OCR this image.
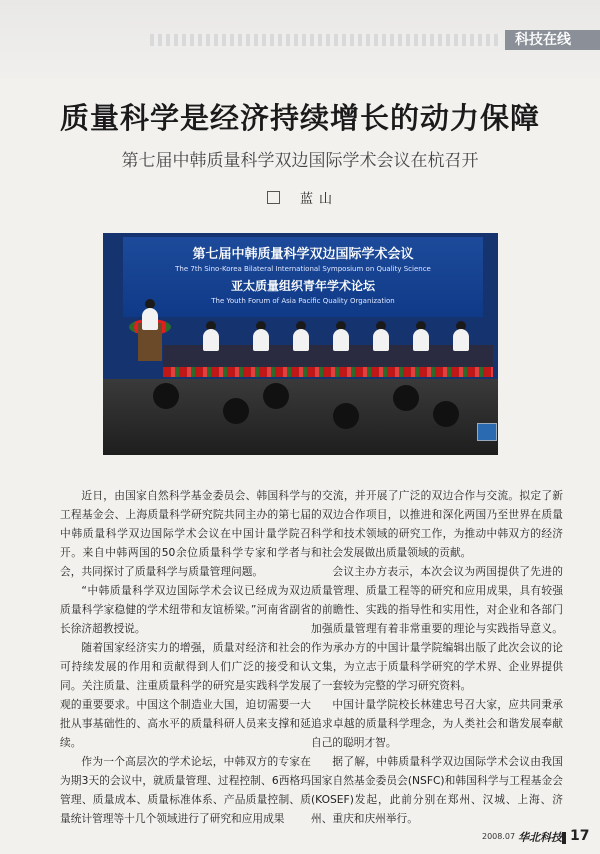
科技在线
质量科学是经济持续增长的动力保障
第七届中韩质量科学双边国际学术会议在杭召开
蓝山
第七届中韩质量科学双边国际学术会议
The 7th Sino-Korea Bilateral International Symposium on Quality Science
亚太质量组织青年学术论坛
The Youth Forum of Asia Pacific Quality Organization

近日，由国家自然科学基金委员会、韩国科学与工程基金会、上海质量科学研究院共同主办的第七届中韩质量科学双边国际学术会议在中国计量学院召开。来自中韩两国的50余位质量科学专家和学者与会，共同探讨了质量科学与质量管理问题。

“中韩质量科学双边国际学术会议已经成为双边质量科学家稳健的学术纽带和友谊桥梁。”河南省副省长徐济超教授说。

随着国家经济实力的增强，质量对经济和社会的可持续发展的作用和贡献得到人们广泛的接受和认同。关注质量、注重质量科学的研究是实践科学发展观的重要要求。中国这个制造业大国，迫切需要一大批从事基础性的、高水平的质量科研人员来支撑和延续。

作为一个高层次的学术论坛，中韩双方的专家在为期3天的会议中，就质量管理、过程控制、6西格玛管理、质量成本、质量标准体系、产品质量控制、质量统计管理等十几个领域进行了研究和应用成果

的交流，并开展了广泛的双边合作与交流。拟定了新的双边合作项目，以推进和深化两国乃至世界在质量科学和技术领域的研究工作，为推动中韩双方的经济和社会发展做出质量领域的贡献。

会议主办方表示，本次会议为两国提供了先进的质量管理、质量工程等的研究和应用成果，具有较强的前瞻性、实践的指导性和实用性，对企业和各部门加强质量管理有着非常重要的理论与实践指导意义。作为承办方的中国计量学院编辑出版了此次会议的论文集，为立志于质量科学研究的学术界、企业界提供了一套较为完整的学习研究资料。

中国计量学院校长林建忠号召大家，应共同秉承追求卓越的质量科学理念，为人类社会和谐发展奉献自己的聪明才智。

据了解，中韩质量科学双边国际学术会议由我国国家自然基金委员会(NSFC)和韩国科学与工程基金会(KOSEF)发起，此前分别在郑州、汉城、上海、济州、重庆和庆州举行。

2008.07 华北科技 17
